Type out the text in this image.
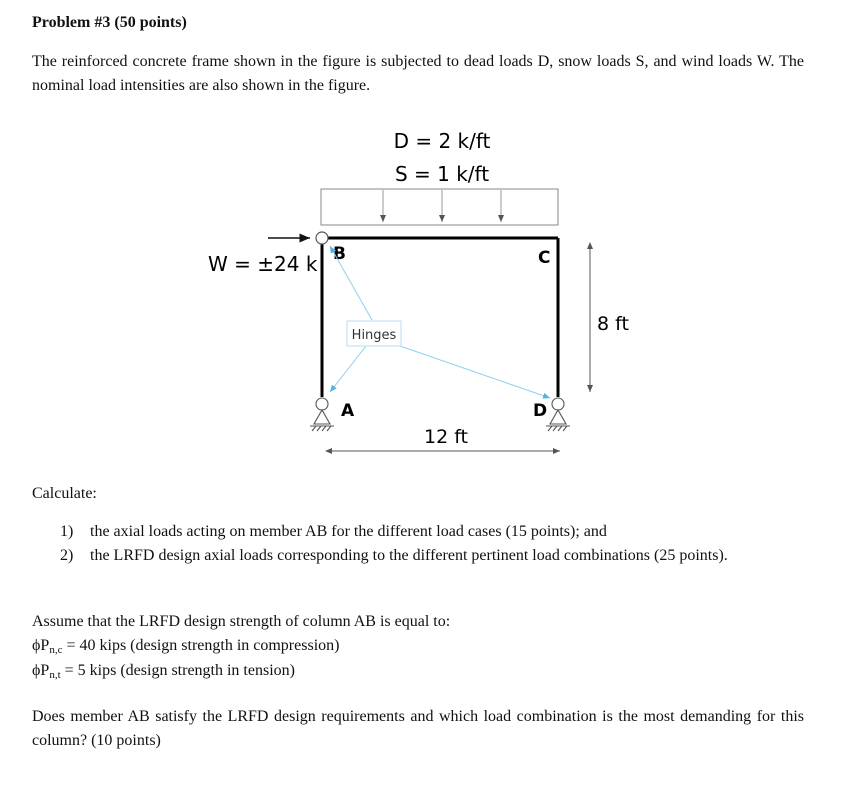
Problem #3 (50 points)

The reinforced concrete frame shown in the figure is subjected to dead loads D, snow loads S, and wind loads W. The nominal load intensities are also shown in the figure.

D = 2 k/ft
S = 1 k/ft
W = ±24 k B	C
A	D
Hinges
8 ft
12 ft

Calculate:

1) the axial loads acting on member AB for the different load cases (15 points); and
2) the LRFD design axial loads corresponding to the different pertinent load combinations (25 points).

Assume that the LRFD design strength of column AB is equal to:

$\phi P_{n,c} = 40$ kips (design strength in compression)
$\phi P_{n,t} = 5$ kips (design strength in tension)

Does member AB satisfy the LRFD design requirements and which load combination is the most demanding for this column? (10 points)
